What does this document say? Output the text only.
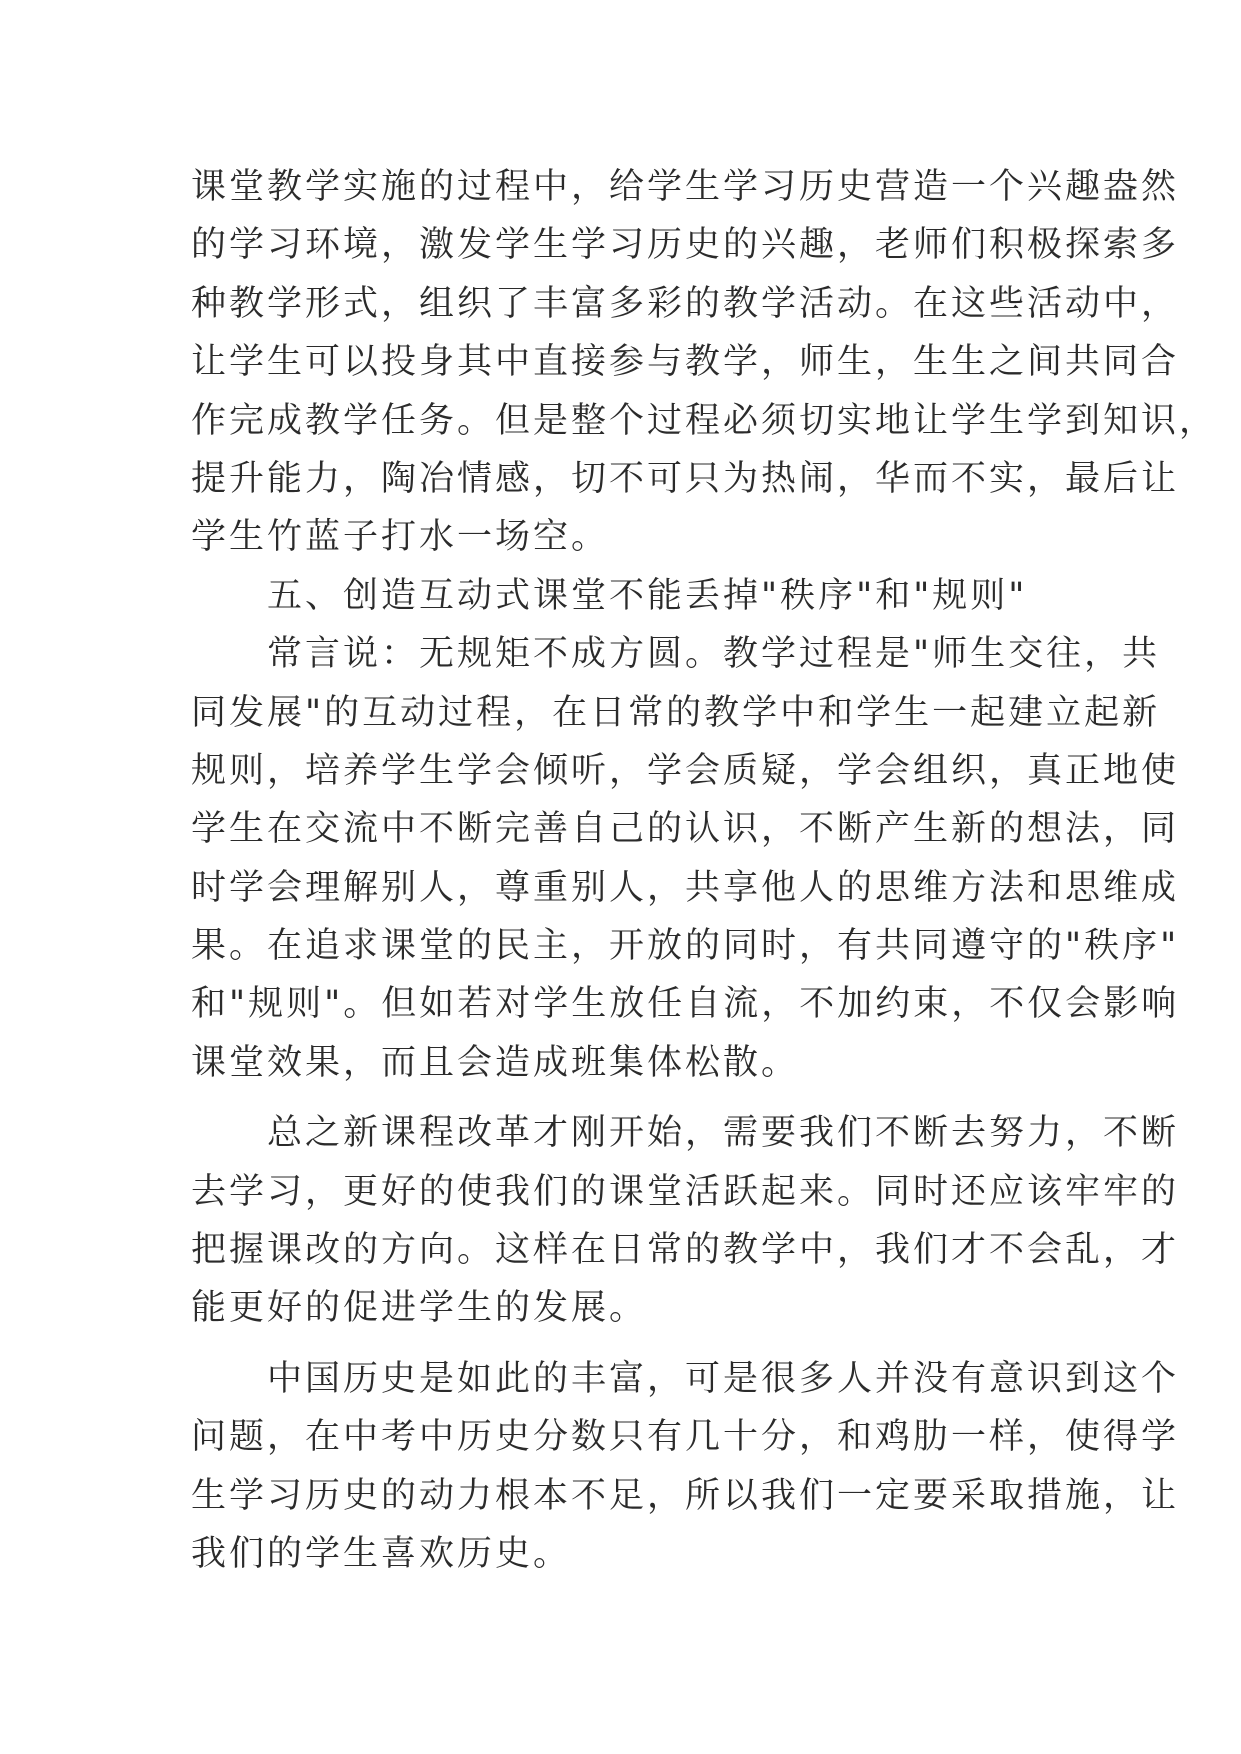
课堂教学实施的过程中，给学生学习历史营造一个兴趣盎然
的学习环境，激发学生学习历史的兴趣，老师们积极探索多
种教学形式，组织了丰富多彩的教学活动。在这些活动中，
让学生可以投身其中直接参与教学，师生，生生之间共同合
作完成教学任务。但是整个过程必须切实地让学生学到知识，
提升能力，陶冶情感，切不可只为热闹，华而不实，最后让
学生竹蓝子打水一场空。
　　五、创造互动式课堂不能丢掉"秩序"和"规则"
　　常言说：无规矩不成方圆。教学过程是"师生交往，共
同发展"的互动过程，在日常的教学中和学生一起建立起新
规则，培养学生学会倾听，学会质疑，学会组织，真正地使
学生在交流中不断完善自己的认识，不断产生新的想法，同
时学会理解别人，尊重别人，共享他人的思维方法和思维成
果。在追求课堂的民主，开放的同时，有共同遵守的"秩序"
和"规则"。但如若对学生放任自流，不加约束，不仅会影响
课堂效果，而且会造成班集体松散。
　　总之新课程改革才刚开始，需要我们不断去努力，不断
去学习，更好的使我们的课堂活跃起来。同时还应该牢牢的
把握课改的方向。这样在日常的教学中，我们才不会乱，才
能更好的促进学生的发展。
　　中国历史是如此的丰富，可是很多人并没有意识到这个
问题，在中考中历史分数只有几十分，和鸡肋一样，使得学
生学习历史的动力根本不足，所以我们一定要采取措施，让
我们的学生喜欢历史。
